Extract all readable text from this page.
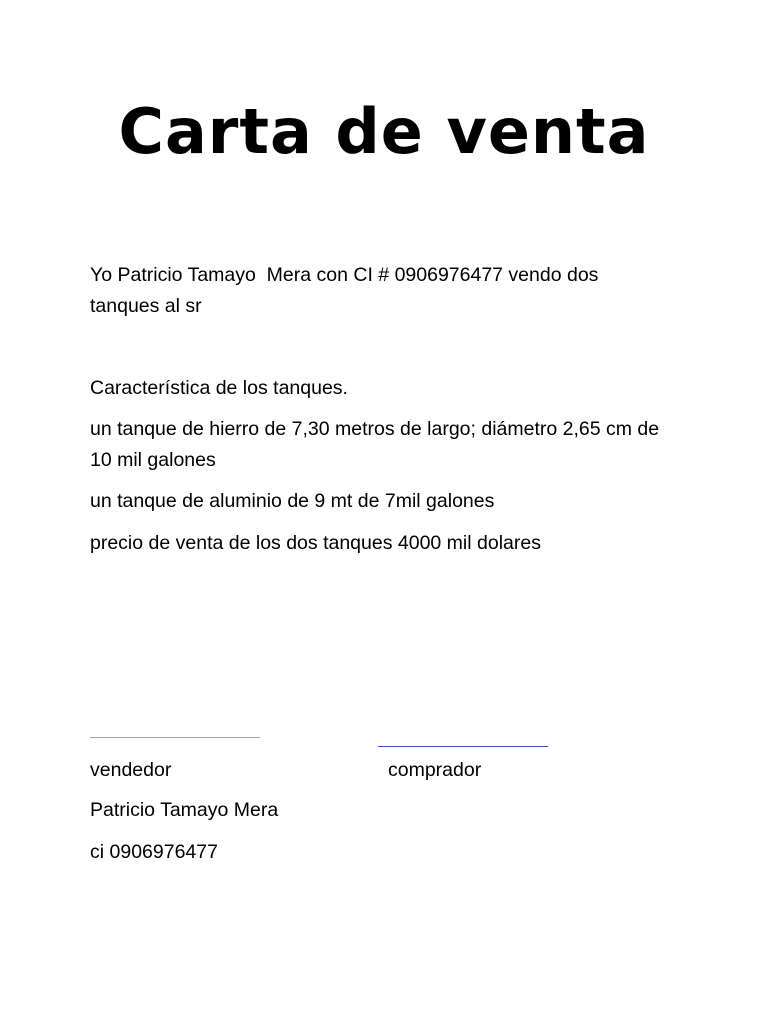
Carta de venta

Yo Patricio Tamayo  Mera con CI # 0906976477 vendo dos tanques al sr

Característica de los tanques.

un tanque de hierro de 7,30 metros de largo; diámetro 2,65 cm de 10 mil galones

un tanque de aluminio de 9 mt de 7mil galones

precio de venta de los dos tanques 4000 mil dolares

vendedor	comprador

Patricio Tamayo Mera

ci 0906976477
